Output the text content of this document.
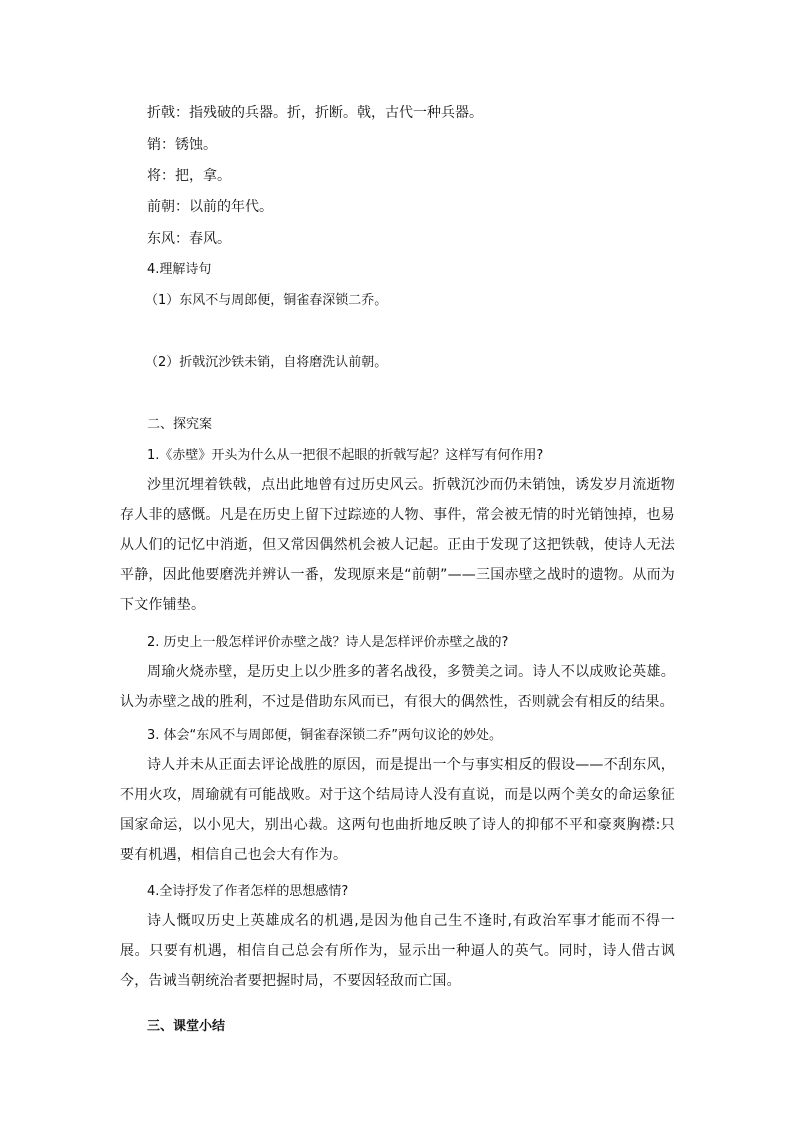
折戟：指残破的兵器。折，折断。戟，古代一种兵器。
销：锈蚀。
将：把，拿。
前朝：以前的年代。
东风：春风。
4.理解诗句
（1）东风不与周郎便，铜雀春深锁二乔。
（2）折戟沉沙铁未销，自将磨洗认前朝。
二、探究案
1.《赤壁》开头为什么从一把很不起眼的折戟写起？这样写有何作用?
沙里沉埋着铁戟，点出此地曾有过历史风云。折戟沉沙而仍未销蚀，诱发岁月流逝物存人非的感慨。凡是在历史上留下过踪迹的人物、事件，常会被无情的时光销蚀掉，也易从人们的记忆中消逝，但又常因偶然机会被人记起。正由于发现了这把铁戟，使诗人无法平静，因此他要磨洗并辨认一番，发现原来是“前朝”——三国赤壁之战时的遗物。从而为下文作铺垫。
2. 历史上一般怎样评价赤壁之战？诗人是怎样评价赤壁之战的?
周瑜火烧赤壁，是历史上以少胜多的著名战役，多赞美之词。诗人不以成败论英雄。认为赤壁之战的胜利，不过是借助东风而已，有很大的偶然性，否则就会有相反的结果。
3. 体会“东风不与周郎便，铜雀春深锁二乔”两句议论的妙处。
诗人并未从正面去评论战胜的原因，而是提出一个与事实相反的假设——不刮东风，不用火攻，周瑜就有可能战败。对于这个结局诗人没有直说，而是以两个美女的命运象征国家命运，以小见大，别出心裁。这两句也曲折地反映了诗人的抑郁不平和豪爽胸襟:只要有机遇，相信自己也会大有作为。
4.全诗抒发了作者怎样的思想感情?
诗人慨叹历史上英雄成名的机遇,是因为他自己生不逢时,有政治军事才能而不得一展。只要有机遇，相信自己总会有所作为，显示出一种逼人的英气。同时，诗人借古讽今，告诫当朝统治者要把握时局，不要因轻敌而亡国。
三、课堂小结
